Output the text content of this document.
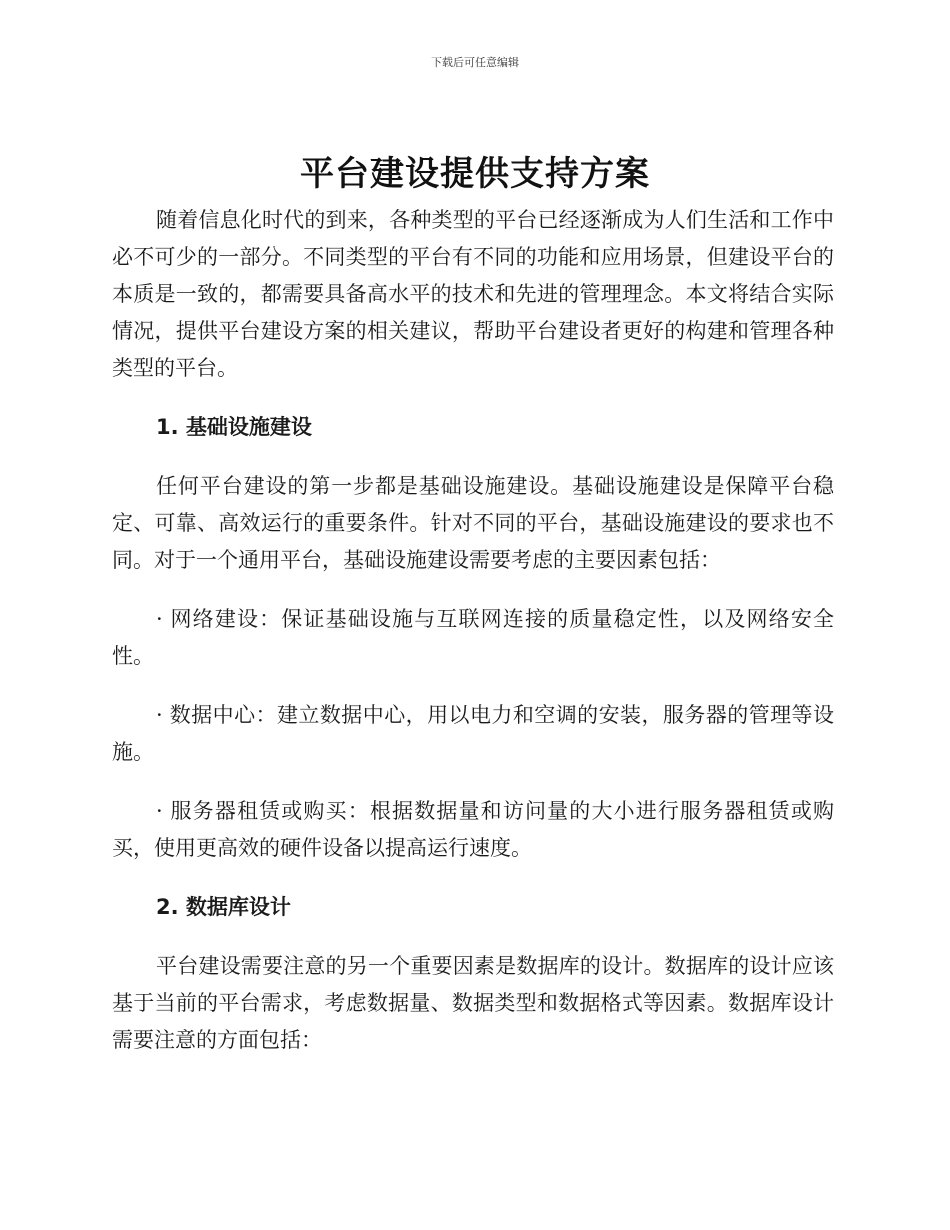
下载后可任意编辑
平台建设提供支持方案

随着信息化时代的到来，各种类型的平台已经逐渐成为人们生活和工作中必不可少的一部分。不同类型的平台有不同的功能和应用场景，但建设平台的本质是一致的，都需要具备高水平的技术和先进的管理理念。本文将结合实际情况，提供平台建设方案的相关建议，帮助平台建设者更好的构建和管理各种类型的平台。

1. 基础设施建设

任何平台建设的第一步都是基础设施建设。基础设施建设是保障平台稳定、可靠、高效运行的重要条件。针对不同的平台，基础设施建设的要求也不同。对于一个通用平台，基础设施建设需要考虑的主要因素包括：

· 网络建设：保证基础设施与互联网连接的质量稳定性，以及网络安全性。

· 数据中心：建立数据中心，用以电力和空调的安装，服务器的管理等设施。

· 服务器租赁或购买：根据数据量和访问量的大小进行服务器租赁或购买，使用更高效的硬件设备以提高运行速度。

2. 数据库设计

平台建设需要注意的另一个重要因素是数据库的设计。数据库的设计应该基于当前的平台需求，考虑数据量、数据类型和数据格式等因素。数据库设计需要注意的方面包括：
